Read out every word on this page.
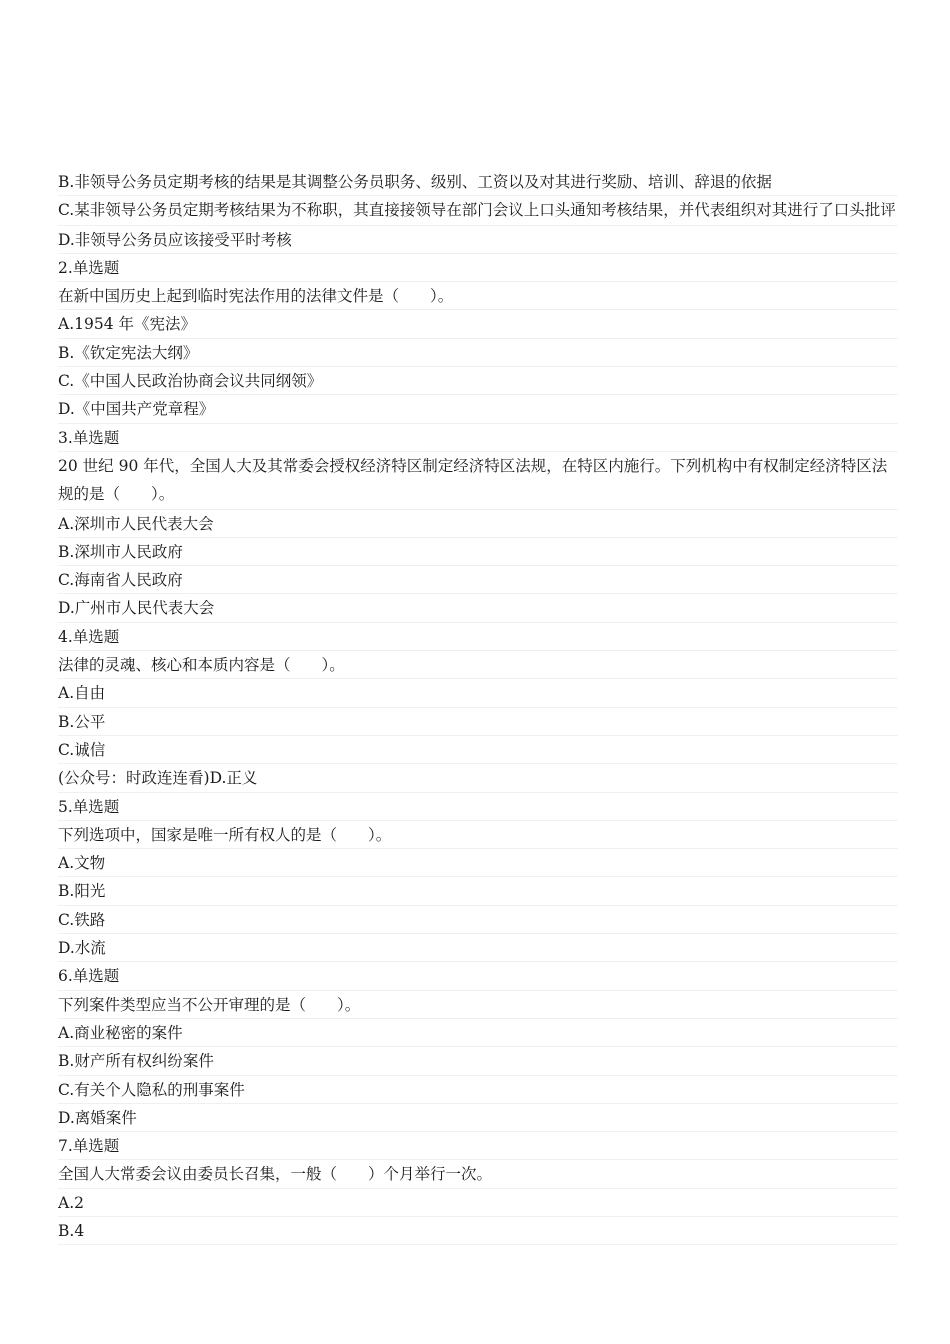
B.非领导公务员定期考核的结果是其调整公务员职务、级别、工资以及对其进行奖励、培训、辞退的依据
C.某非领导公务员定期考核结果为不称职，其直接接领导在部门会议上口头通知考核结果，并代表组织对其进行了口头批评
D.非领导公务员应该接受平时考核
2.单选题
在新中国历史上起到临时宪法作用的法律文件是（　　）。
A.1954 年《宪法》
B.《钦定宪法大纲》
C.《中国人民政治协商会议共同纲领》
D.《中国共产党章程》
3.单选题
20 世纪 90 年代，全国人大及其常委会授权经济特区制定经济特区法规，在特区内施行。下列机构中有权制定经济特区法规的是（　　）。
A.深圳市人民代表大会
B.深圳市人民政府
C.海南省人民政府
D.广州市人民代表大会
4.单选题
法律的灵魂、核心和本质内容是（　　）。
A.自由
B.公平
C.诚信
(公众号：时政连连看)D.正义
5.单选题
下列选项中，国家是唯一所有权人的是（　　）。
A.文物
B.阳光
C.铁路
D.水流
6.单选题
下列案件类型应当不公开审理的是（　　）。
A.商业秘密的案件
B.财产所有权纠纷案件
C.有关个人隐私的刑事案件
D.离婚案件
7.单选题
全国人大常委会议由委员长召集，一般（　　）个月举行一次。
A.2
B.4
